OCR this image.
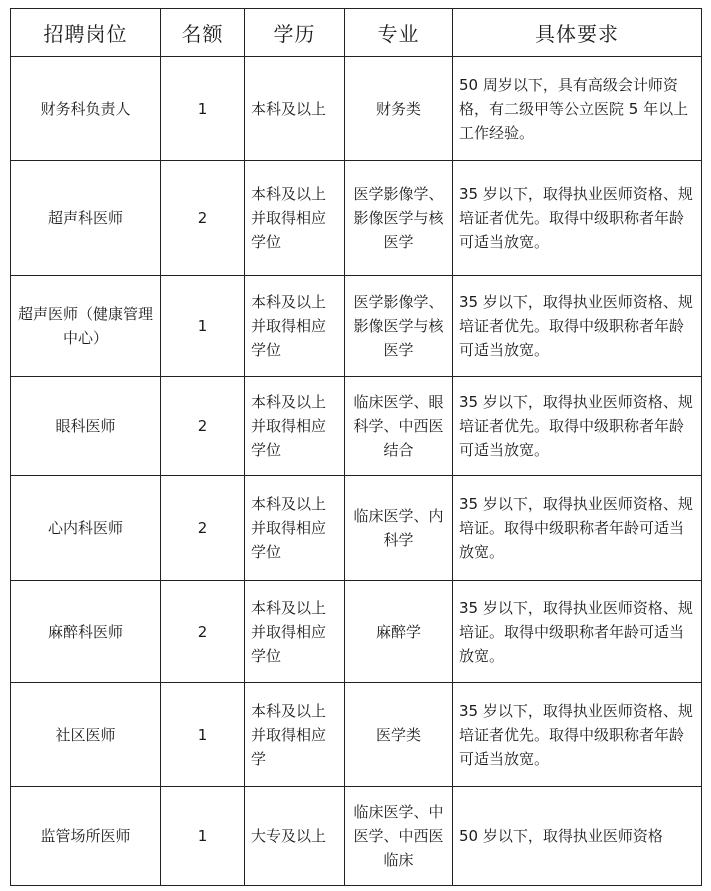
招聘岗位	名额	学历	专业	具体要求
财务科负责人	1	本科及以上	财务类	50 周岁以下，具有高级会计师资格，有二级甲等公立医院 5 年以上工作经验。
超声科医师	2	本科及以上并取得相应学位	医学影像学、影像医学与核医学	35 岁以下，取得执业医师资格、规培证者优先。取得中级职称者年龄可适当放宽。
超声医师（健康管理中心）	1	本科及以上并取得相应学位	医学影像学、影像医学与核医学	35 岁以下，取得执业医师资格、规培证者优先。取得中级职称者年龄可适当放宽。
眼科医师	2	本科及以上并取得相应学位	临床医学、眼科学、中西医结合	35 岁以下，取得执业医师资格、规培证者优先。取得中级职称者年龄可适当放宽。
心内科医师	2	本科及以上并取得相应学位	临床医学、内科学	35 岁以下，取得执业医师资格、规培证。取得中级职称者年龄可适当放宽。
麻醉科医师	2	本科及以上并取得相应学位	麻醉学	35 岁以下，取得执业医师资格、规培证。取得中级职称者年龄可适当放宽。
社区医师	1	本科及以上并取得相应学	医学类	35 岁以下，取得执业医师资格、规培证者优先。取得中级职称者年龄可适当放宽。
监管场所医师	1	大专及以上	临床医学、中医学、中西医临床	50 岁以下，取得执业医师资格
